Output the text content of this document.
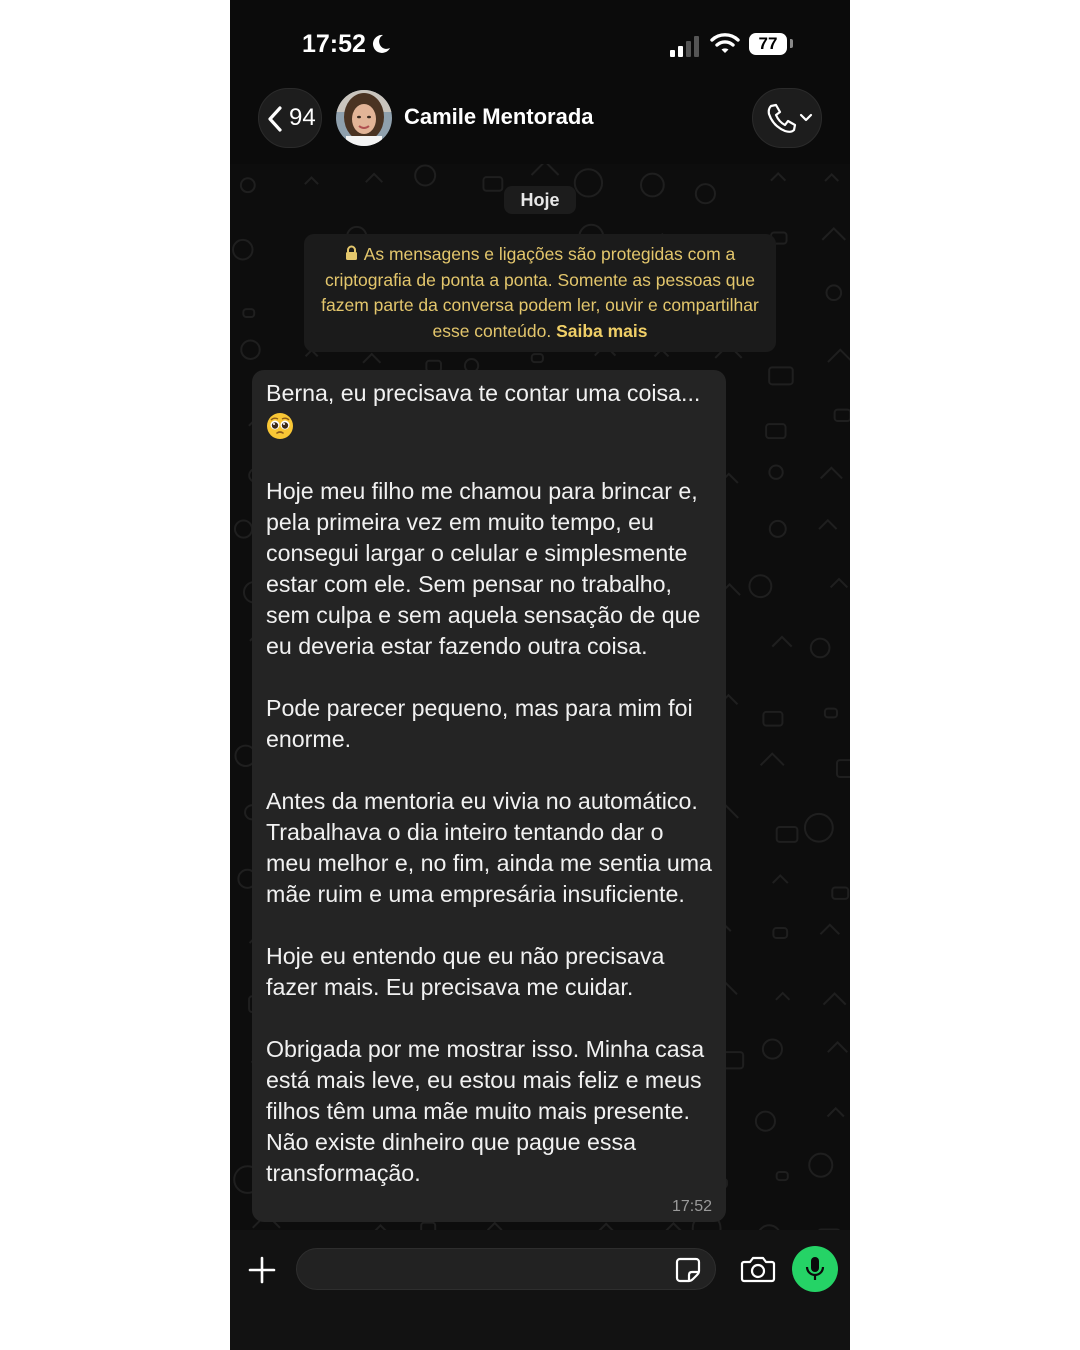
17:52	77
94	Camile Mentorada
Hoje
As mensagens e ligações são protegidas com a criptografia de ponta a ponta. Somente as pessoas que fazem parte da conversa podem ler, ouvir e compartilhar esse conteúdo. Saiba mais

Berna, eu precisava te contar uma coisa...

Hoje meu filho me chamou para brincar e, pela primeira vez em muito tempo, eu consegui largar o celular e simplesmente estar com ele. Sem pensar no trabalho, sem culpa e sem aquela sensação de que eu deveria estar fazendo outra coisa.

Pode parecer pequeno, mas para mim foi enorme.

Antes da mentoria eu vivia no automático. Trabalhava o dia inteiro tentando dar o meu melhor e, no fim, ainda me sentia uma mãe ruim e uma empresária insuficiente.

Hoje eu entendo que eu não precisava fazer mais. Eu precisava me cuidar.

Obrigada por me mostrar isso. Minha casa está mais leve, eu estou mais feliz e meus filhos têm uma mãe muito mais presente. Não existe dinheiro que pague essa transformação.

17:52
